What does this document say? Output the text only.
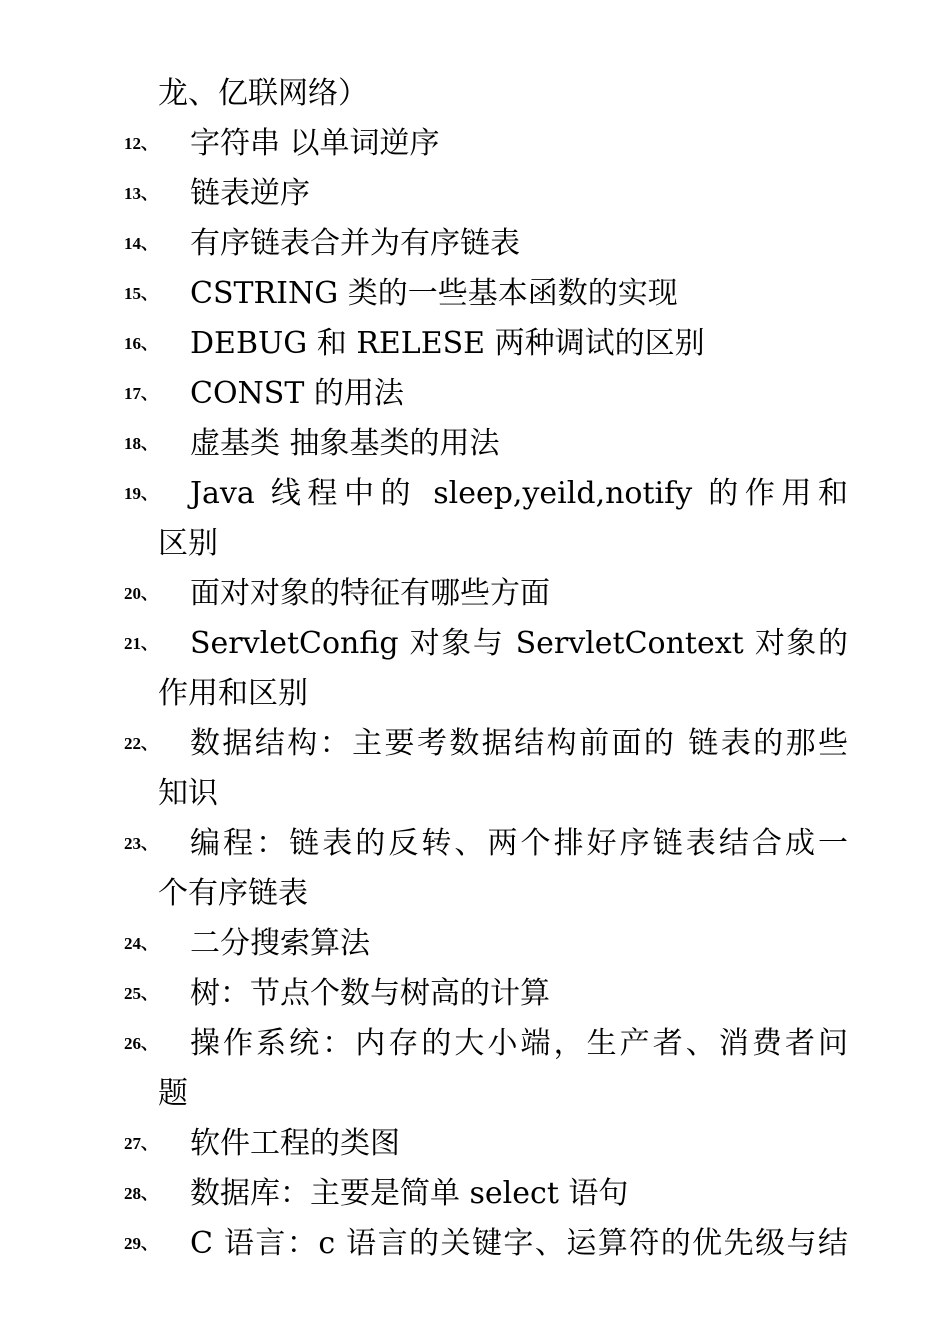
龙、亿联网络）
12、 字符串 以单词逆序
13、 链表逆序
14、 有序链表合并为有序链表
15、 CSTRING 类的一些基本函数的实现
16、 DEBUG 和 RELESE 两种调试的区别
17、 CONST 的用法
18、 虚基类 抽象基类的用法
19、 Java 线程中的 sleep,yeild,notify 的作用和
区别
20、 面对对象的特征有哪些方面
21、 ServletConfig 对象与 ServletContext 对象的
作用和区别
22、 数据结构：主要考数据结构前面的 链表的那些
知识
23、 编程：链表的反转、两个排好序链表结合成一
个有序链表
24、 二分搜索算法
25、 树：节点个数与树高的计算
26、 操作系统：内存的大小端，生产者、消费者问
题
27、 软件工程的类图
28、 数据库：主要是简单 select 语句
29、 C 语言：c 语言的关键字、运算符的优先级与结
